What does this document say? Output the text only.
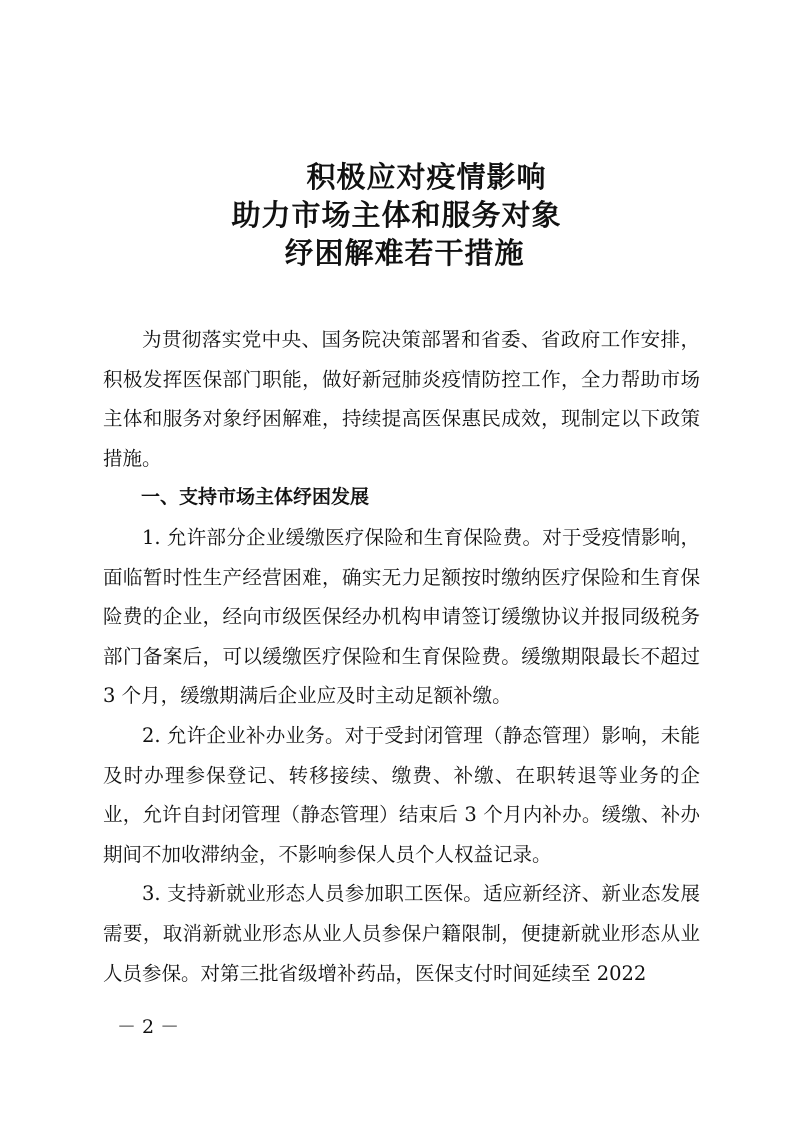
积极应对疫情影响
助力市场主体和服务对象
纾困解难若干措施

为贯彻落实党中央、国务院决策部署和省委、省政府工作安排，积极发挥医保部门职能，做好新冠肺炎疫情防控工作，全力帮助市场主体和服务对象纾困解难，持续提高医保惠民成效，现制定以下政策措施。

一、支持市场主体纾困发展

1. 允许部分企业缓缴医疗保险和生育保险费。对于受疫情影响，面临暂时性生产经营困难，确实无力足额按时缴纳医疗保险和生育保险费的企业，经向市级医保经办机构申请签订缓缴协议并报同级税务部门备案后，可以缓缴医疗保险和生育保险费。缓缴期限最长不超过 3 个月，缓缴期满后企业应及时主动足额补缴。

2. 允许企业补办业务。对于受封闭管理（静态管理）影响，未能及时办理参保登记、转移接续、缴费、补缴、在职转退等业务的企业，允许自封闭管理（静态管理）结束后 3 个月内补办。缓缴、补办期间不加收滞纳金，不影响参保人员个人权益记录。

3. 支持新就业形态人员参加职工医保。适应新经济、新业态发展需要，取消新就业形态从业人员参保户籍限制，便捷新就业形态从业人员参保。对第三批省级增补药品，医保支付时间延续至 2022

－ 2 －
